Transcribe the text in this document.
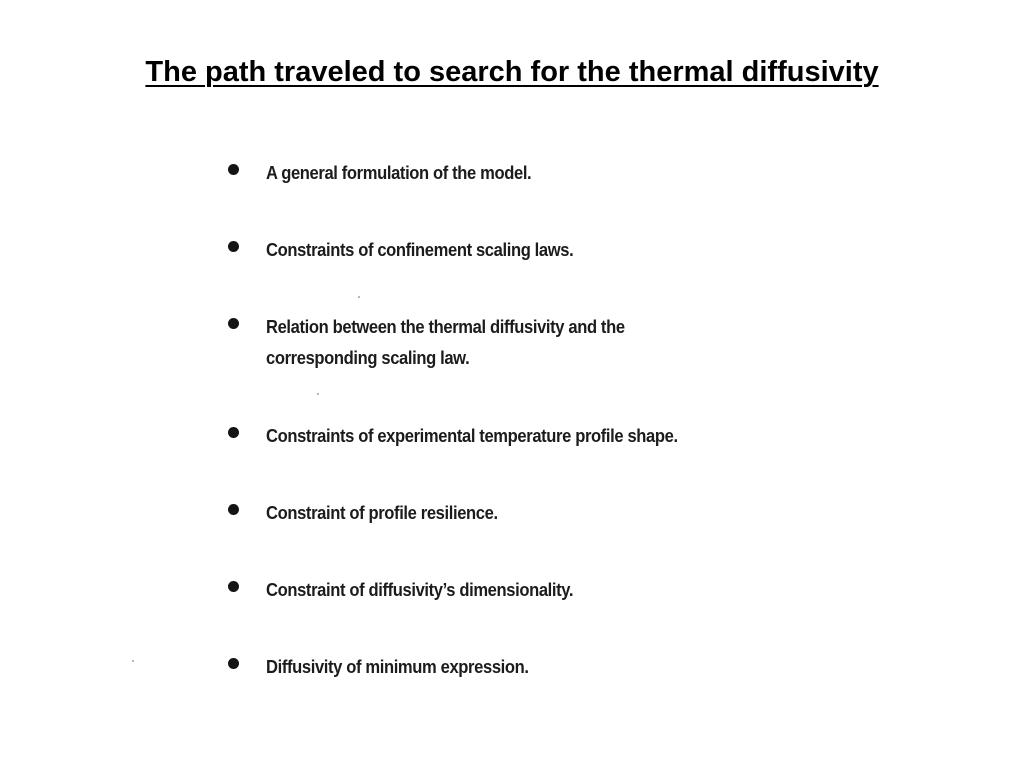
The path traveled to search for the thermal diffusivity
A general formulation of the model.
Constraints of confinement scaling laws.
Relation between the thermal diffusivity and the corresponding scaling law.
Constraints of experimental temperature profile shape.
Constraint of profile resilience.
Constraint of diffusivity’s dimensionality.
Diffusivity of minimum expression.
